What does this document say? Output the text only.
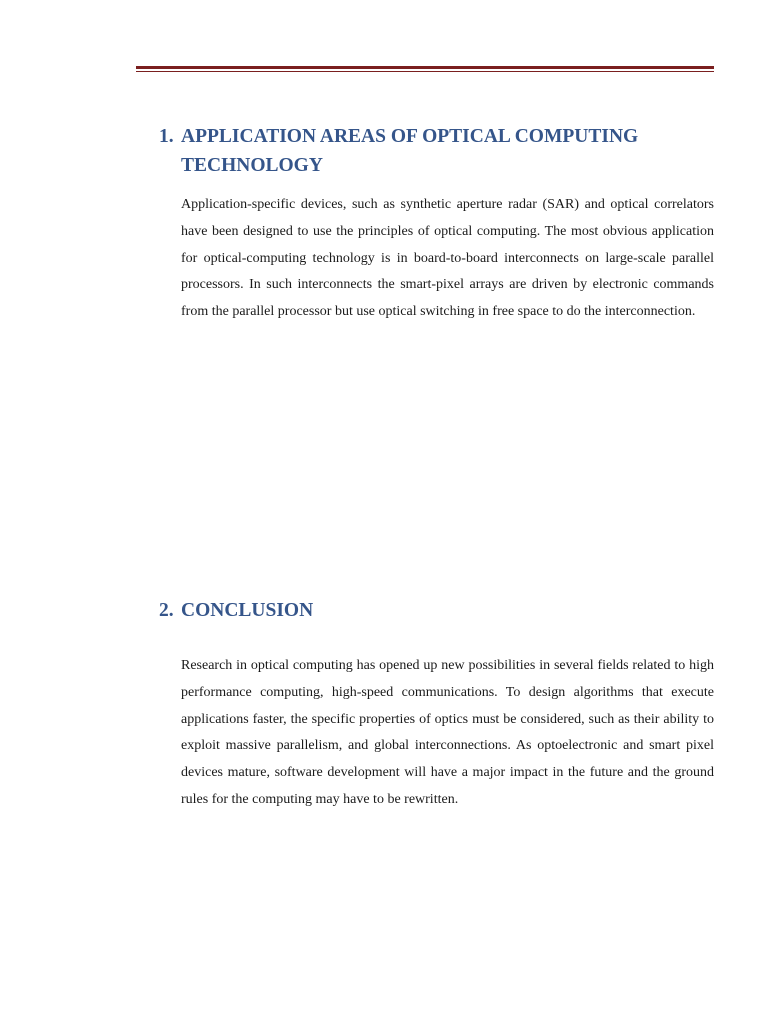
1. APPLICATION AREAS OF OPTICAL COMPUTING TECHNOLOGY

Application-specific devices, such as synthetic aperture radar (SAR) and optical correlators have been designed to use the principles of optical computing. The most obvious application for optical-computing technology is in board-to-board interconnects on large-scale parallel processors. In such interconnects the smart-pixel arrays are driven by electronic commands from the parallel processor but use optical switching in free space to do the interconnection.

2. CONCLUSION

Research in optical computing has opened up new possibilities in several fields related to high performance computing, high-speed communications. To design algorithms that execute applications faster, the specific properties of optics must be considered, such as their ability to exploit massive parallelism, and global interconnections. As optoelectronic and smart pixel devices mature, software development will have a major impact in the future and the ground rules for the computing may have to be rewritten.
